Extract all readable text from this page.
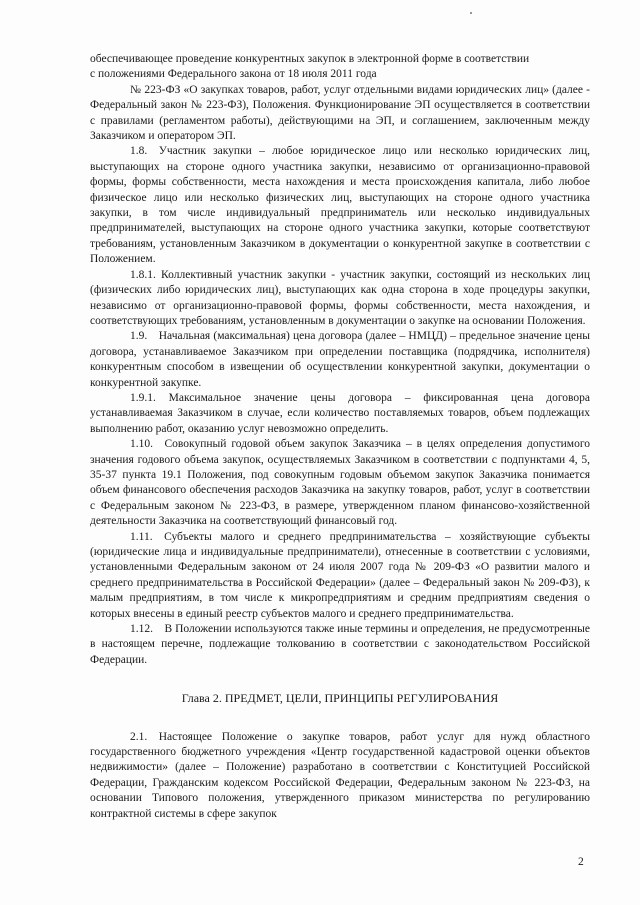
обеспечивающее проведение конкурентных закупок в электронной форме в соответствии

с положениями Федерального закона от 18 июля 2011 года

№ 223-ФЗ «О закупках товаров, работ, услуг отдельными видами юридических лиц» (далее - Федеральный закон № 223-ФЗ), Положения. Функционирование ЭП осуществляется в соответствии с правилами (регламентом работы), действующими на ЭП, и соглашением, заключенным между Заказчиком и оператором ЭП.

1.8. Участник закупки – любое юридическое лицо или несколько юридических лиц, выступающих на стороне одного участника закупки, независимо от организационно-правовой формы, формы собственности, места нахождения и места происхождения капитала, либо любое физическое лицо или несколько физических лиц, выступающих на стороне одного участника закупки, в том числе индивидуальный предприниматель или несколько индивидуальных предпринимателей, выступающих на стороне одного участника закупки, которые соответствуют требованиям, установленным Заказчиком в документации о конкурентной закупке в соответствии с Положением.

1.8.1. Коллективный участник закупки - участник закупки, состоящий из нескольких лиц (физических либо юридических лиц), выступающих как одна сторона в ходе процедуры закупки, независимо от организационно-правовой формы, формы собственности, места нахождения, и соответствующих требованиям, установленным в документации о закупке на основании Положения.

1.9. Начальная (максимальная) цена договора (далее – НМЦД) – предельное значение цены договора, устанавливаемое Заказчиком при определении поставщика (подрядчика, исполнителя) конкурентным способом в извещении об осуществлении конкурентной закупки, документации о конкурентной закупке.

1.9.1. Максимальное значение цены договора – фиксированная цена договора устанавливаемая Заказчиком в случае, если количество поставляемых товаров, объем подлежащих выполнению работ, оказанию услуг невозможно определить.

1.10. Совокупный годовой объем закупок Заказчика – в целях определения допустимого значения годового объема закупок, осуществляемых Заказчиком в соответствии с подпунктами 4, 5, 35-37 пункта 19.1 Положения, под совокупным годовым объемом закупок Заказчика понимается объем финансового обеспечения расходов Заказчика на закупку товаров, работ, услуг в соответствии с Федеральным законом № 223-ФЗ, в размере, утвержденном планом финансово-хозяйственной деятельности Заказчика на соответствующий финансовый год.

1.11. Субъекты малого и среднего предпринимательства – хозяйствующие субъекты (юридические лица и индивидуальные предприниматели), отнесенные в соответствии с условиями, установленными Федеральным законом от 24 июля 2007 года № 209-ФЗ «О развитии малого и среднего предпринимательства в Российской Федерации» (далее – Федеральный закон № 209-ФЗ), к малым предприятиям, в том числе к микропредприятиям и средним предприятиям сведения о которых внесены в единый реестр субъектов малого и среднего предпринимательства.

1.12. В Положении используются также иные термины и определения, не предусмотренные в настоящем перечне, подлежащие толкованию в соответствии с законодательством Российской Федерации.

Глава 2. ПРЕДМЕТ, ЦЕЛИ, ПРИНЦИПЫ РЕГУЛИРОВАНИЯ

2.1. Настоящее Положение о закупке товаров, работ услуг для нужд областного государственного бюджетного учреждения «Центр государственной кадастровой оценки объектов недвижимости» (далее – Положение) разработано в соответствии с Конституцией Российской Федерации, Гражданским кодексом Российской Федерации, Федеральным законом № 223-ФЗ, на основании Типового положения, утвержденного приказом министерства по регулированию контрактной системы в сфере закупок

2
